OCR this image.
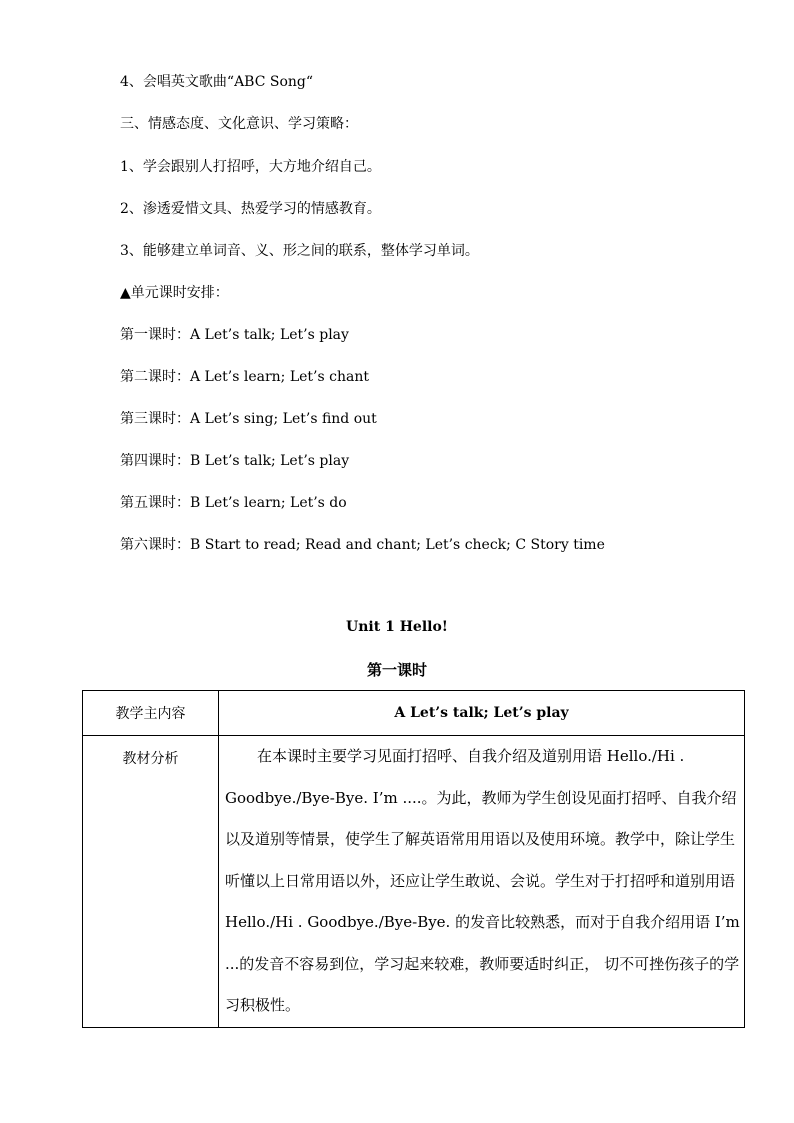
4、会唱英文歌曲“ABC Song“
三、情感态度、文化意识、学习策略：
1、学会跟别人打招呼，大方地介绍自己。
2、渗透爱惜文具、热爱学习的情感教育。
3、能够建立单词音、义、形之间的联系，整体学习单词。
▲单元课时安排：
第一课时：A Let’s talk; Let’s play
第二课时：A Let’s learn; Let’s chant
第三课时：A Let’s sing; Let’s find out
第四课时：B Let’s talk; Let’s play
第五课时：B Let’s learn; Let’s do
第六课时：B Start to read; Read and chant; Let’s check; C Story time
Unit 1 Hello!
第一课时
教学主内容	A Let’s talk; Let’s play
教材分析	在本课时主要学习见面打招呼、自我介绍及道别用语 Hello./Hi . Goodbye./Bye-Bye. I’m ....。为此，教师为学生创设见面打招呼、自我介绍以及道别等情景，使学生了解英语常用用语以及使用环境。教学中，除让学生听懂以上日常用语以外，还应让学生敢说、会说。学生对于打招呼和道别用语 Hello./Hi . Goodbye./Bye-Bye. 的发音比较熟悉，而对于自我介绍用语 I’m ...的发音不容易到位，学习起来较难，教师要适时纠正， 切不可挫伤孩子的学习积极性。
